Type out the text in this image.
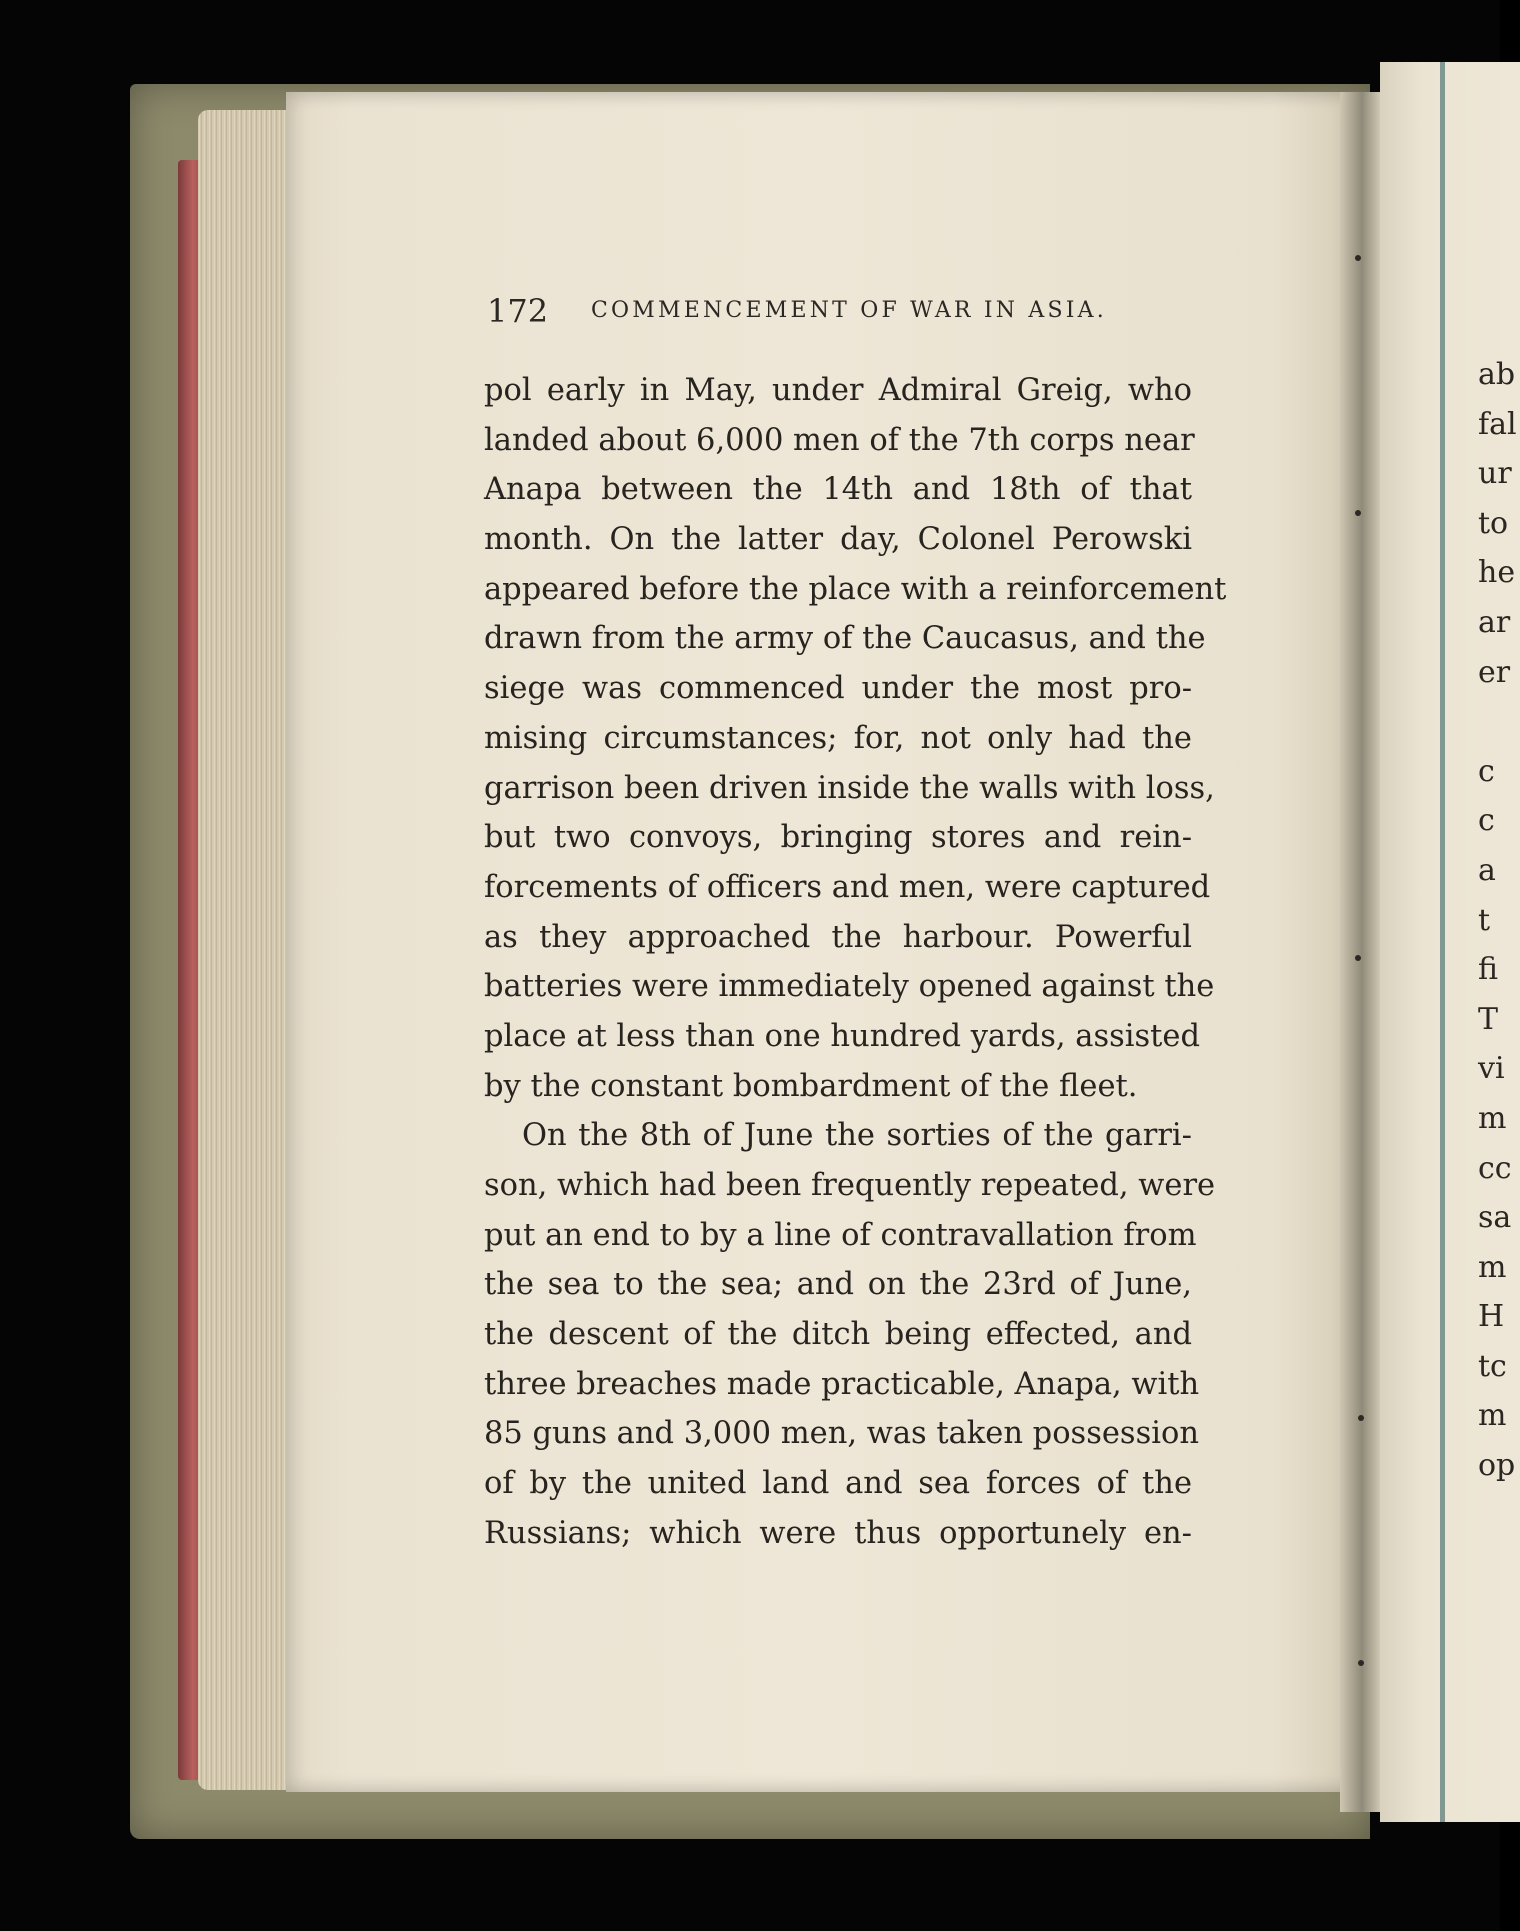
ab
fal
ur
to
he
ar
er
c
c
a
t
fi
T
vi
m
cc
sa
m
H
tc
m
op
172 COMMENCEMENT OF WAR IN ASIA.
pol early in May, under Admiral Greig, who
landed about 6,000 men of the 7th corps near
Anapa between the 14th and 18th of that
month. On the latter day, Colonel Perowski
appeared before the place with a reinforcement
drawn from the army of the Caucasus, and the
siege was commenced under the most pro-
mising circumstances; for, not only had the
garrison been driven inside the walls with loss,
but two convoys, bringing stores and rein-
forcements of officers and men, were captured
as they approached the harbour. Powerful
batteries were immediately opened against the
place at less than one hundred yards, assisted
by the constant bombardment of the fleet.
On the 8th of June the sorties of the garri-
son, which had been frequently repeated, were
put an end to by a line of contravallation from
the sea to the sea; and on the 23rd of June,
the descent of the ditch being effected, and
three breaches made practicable, Anapa, with
85 guns and 3,000 men, was taken possession
of by the united land and sea forces of the
Russians; which were thus opportunely en-
